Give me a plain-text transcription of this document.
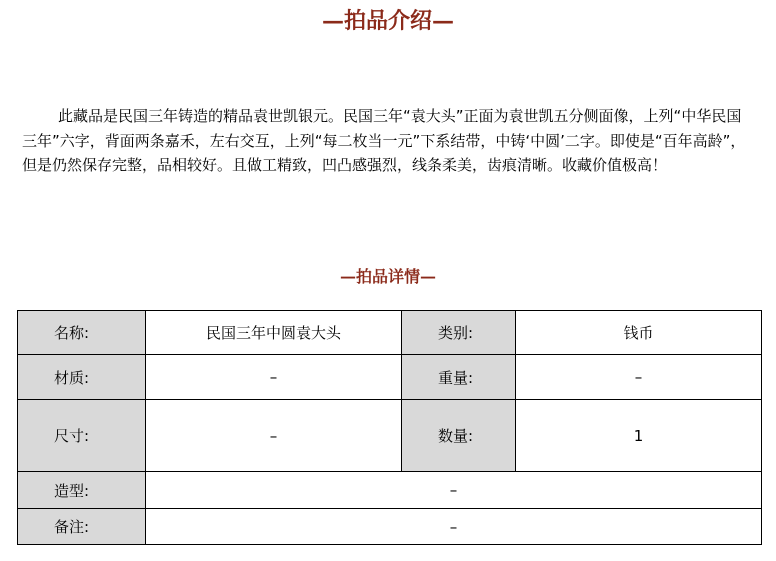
—拍品介绍—

此藏品是民国三年铸造的精品袁世凯银元。民国三年“袁大头”正面为袁世凯五分侧面像，上列“中华民国三年”六字，背面两条嘉禾，左右交互，上列“每二枚当一元”下系结带，中铸‘中圆’二字。即使是“百年高龄”，但是仍然保存完整，品相较好。且做工精致，凹凸感强烈，线条柔美，齿痕清晰。收藏价值极高！

—拍品详情—
名称:	民国三年中圆袁大头	类别:	钱币
材质:	–	重量:	–
尺寸:	–	数量:	1
造型:	–		
备注:	–		
